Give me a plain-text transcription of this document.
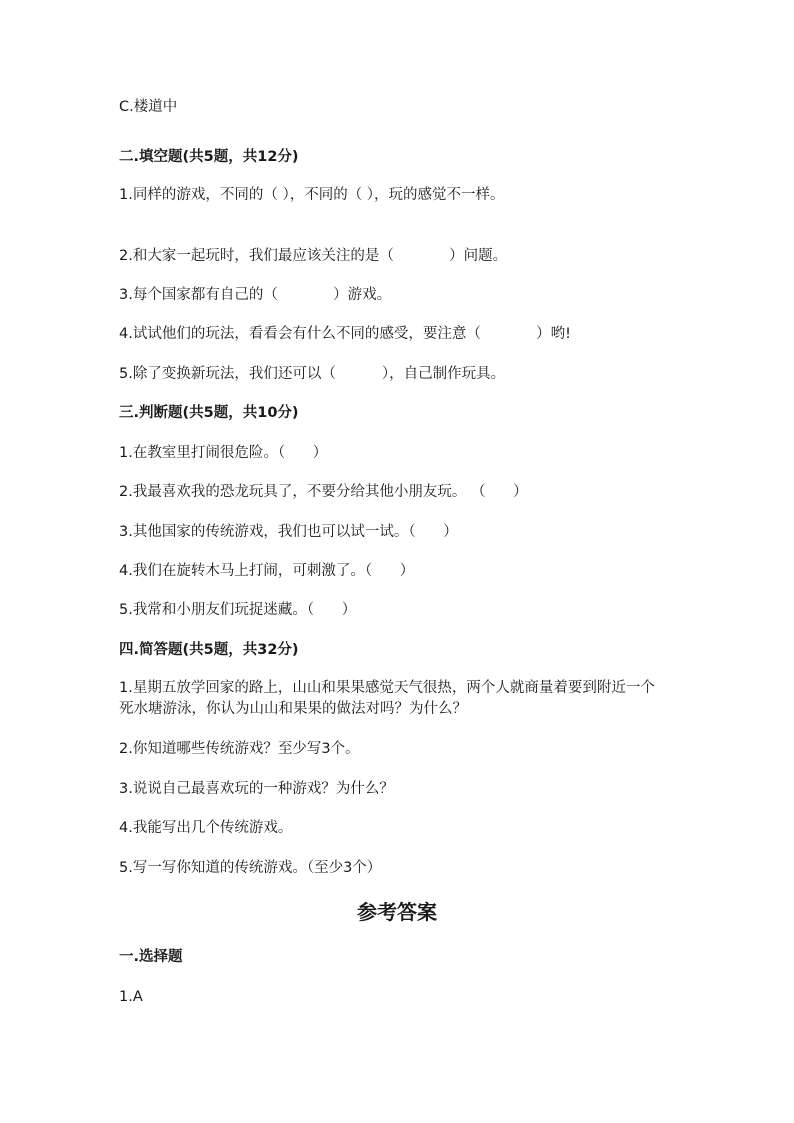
C.楼道中
二.填空题(共5题，共12分)
1.同样的游戏，不同的（ ），不同的（ ），玩的感觉不一样。
2.和大家一起玩时，我们最应该关注的是（            ）问题。
3.每个国家都有自己的（            ）游戏。
4.试试他们的玩法，看看会有什么不同的感受，要注意（            ）哟!
5.除了变换新玩法，我们还可以（          ），自己制作玩具。
三.判断题(共5题，共10分)
1.在教室里打闹很危险。（      ）
2.我最喜欢我的恐龙玩具了，不要分给其他小朋友玩。 （      ）
3.其他国家的传统游戏，我们也可以试一试。（      ）
4.我们在旋转木马上打闹，可刺激了。（      ）
5.我常和小朋友们玩捉迷藏。（      ）
四.简答题(共5题，共32分)
1.星期五放学回家的路上，山山和果果感觉天气很热，两个人就商量着要到附近一个死水塘游泳，你认为山山和果果的做法对吗？为什么？
2.你知道哪些传统游戏？至少写3个。
3.说说自己最喜欢玩的一种游戏？为什么？
4.我能写出几个传统游戏。
5.写一写你知道的传统游戏。（至少3个）
参考答案
一.选择题
1.A
